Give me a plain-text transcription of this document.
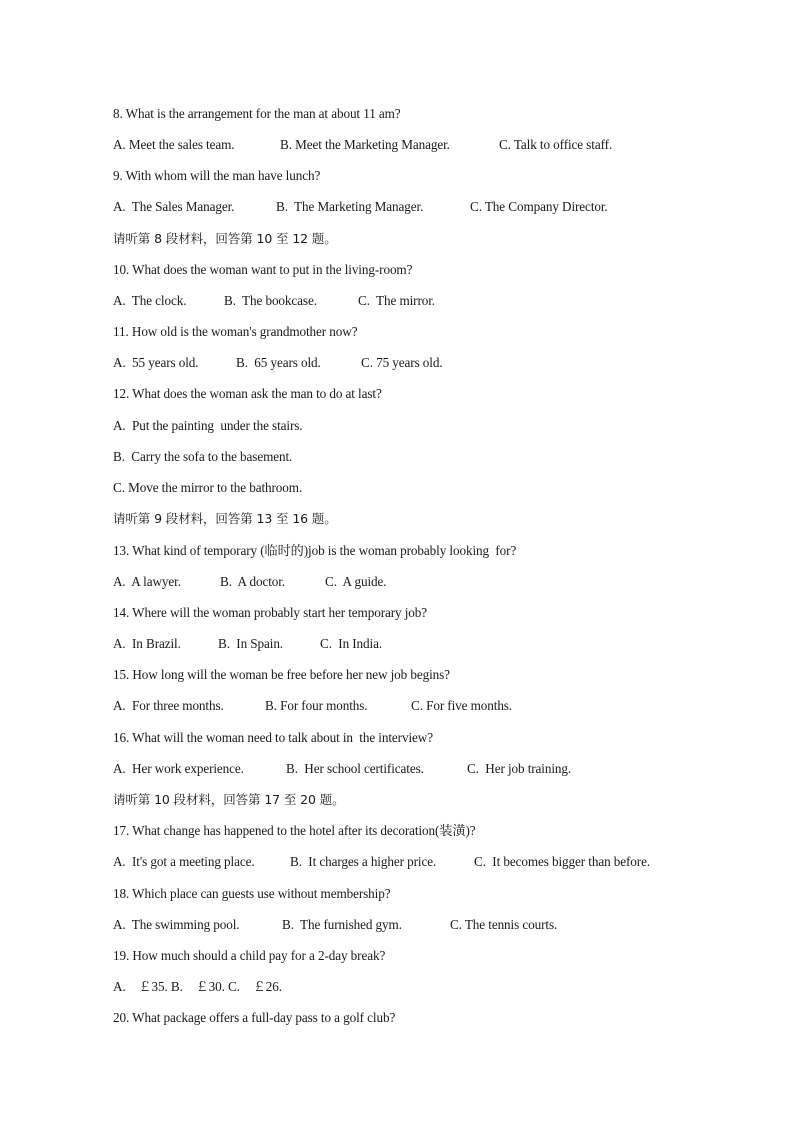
8. What is the arrangement for the man at about 11 am?
A. Meet the sales team.	B. Meet the Marketing Manager.	C. Talk to office staff.
9. With whom will the man have lunch?
A.  The Sales Manager.	B.  The Marketing Manager.	C. The Company Director.
请听第 8 段材料，回答第 10 至 12 题。
10. What does the woman want to put in the living-room?
A.  The clock.	B.  The bookcase.	C.  The mirror.
11. How old is the woman's grandmother now?
A.  55 years old.	B.  65 years old.	C. 75 years old.
12. What does the woman ask the man to do at last?
A.  Put the painting  under the stairs.
B.  Carry the sofa to the basement.
C. Move the mirror to the bathroom.
请听第 9 段材料，回答第 13 至 16 题。
13. What kind of temporary (临时的)job is the woman probably looking  for?
A.  A lawyer.	B.  A doctor.	C.  A guide.
14. Where will the woman probably start her temporary job?
A.  In Brazil.	B.  In Spain.	C.  In India.
15. How long will the woman be free before her new job begins?
A.  For three months.	B. For four months.	C. For five months.
16. What will the woman need to talk about in  the interview?
A.  Her work experience.	B.  Her school certificates.	C.  Her job training.
请听第 10 段材料，回答第 17 至 20 题。
17. What change has happened to the hotel after its decoration(装潢)?
A.  It's got a meeting place.	B.  It charges a higher price.	C.  It becomes bigger than before.
18. Which place can guests use without membership?
A.  The swimming pool.	B.  The furnished gym.	C. The tennis courts.
19. How much should a child pay for a 2-day break?
A.    ￡35. B.    ￡30. C.    ￡26.
20. What package offers a full-day pass to a golf club?
